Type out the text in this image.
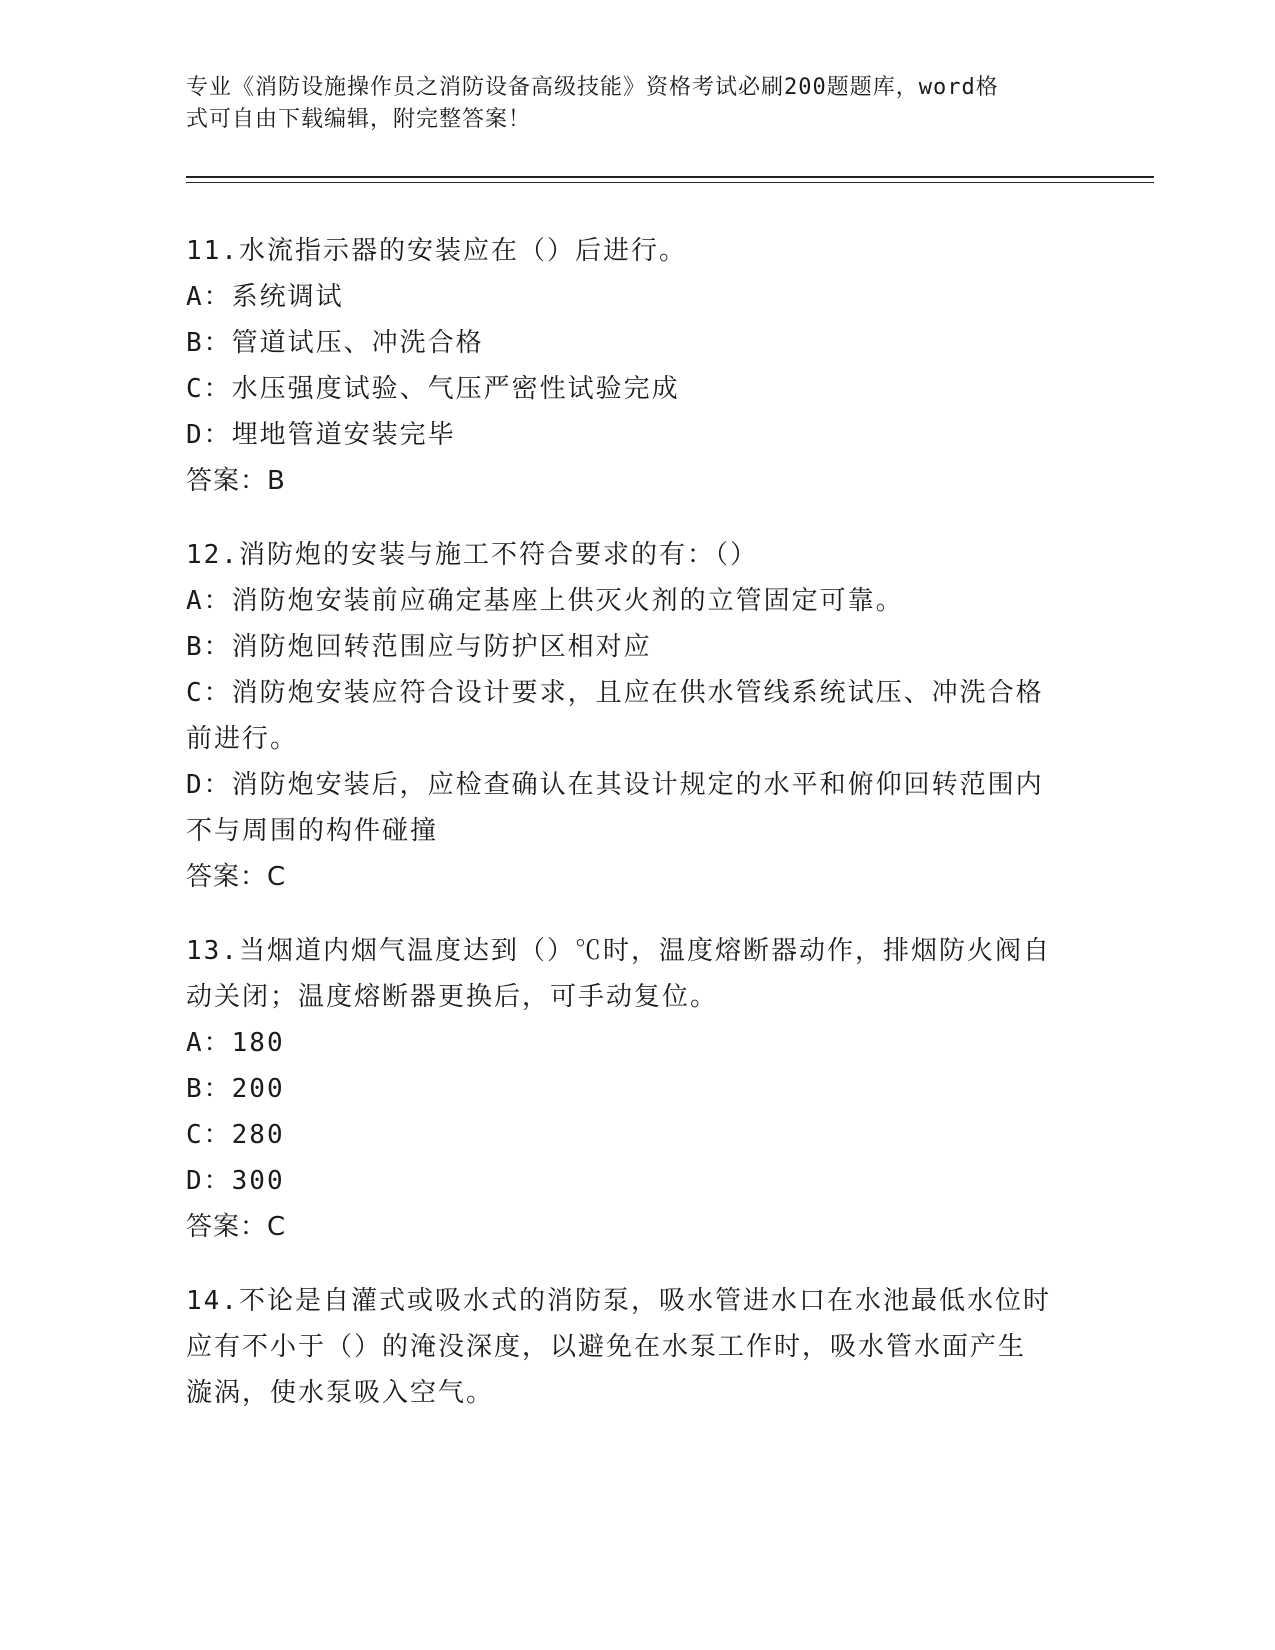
专业《消防设施操作员之消防设备高级技能》资格考试必刷200题题库，word格
式可自由下载编辑，附完整答案！
11.水流指示器的安装应在（）后进行。
A：系统调试
B：管道试压、冲洗合格
C：水压强度试验、气压严密性试验完成
D：埋地管道安装完毕
答案：B
12.消防炮的安装与施工不符合要求的有：（）
A：消防炮安装前应确定基座上供灭火剂的立管固定可靠。
B：消防炮回转范围应与防护区相对应
C：消防炮安装应符合设计要求，且应在供水管线系统试压、冲洗合格
前进行。
D：消防炮安装后，应检查确认在其设计规定的水平和俯仰回转范围内
不与周围的构件碰撞
答案：C
13.当烟道内烟气温度达到（）℃时，温度熔断器动作，排烟防火阀自
动关闭；温度熔断器更换后，可手动复位。
A：180
B：200
C：280
D：300
答案：C
14.不论是自灌式或吸水式的消防泵，吸水管进水口在水池最低水位时
应有不小于（）的淹没深度，以避免在水泵工作时，吸水管水面产生
漩涡，使水泵吸入空气。
